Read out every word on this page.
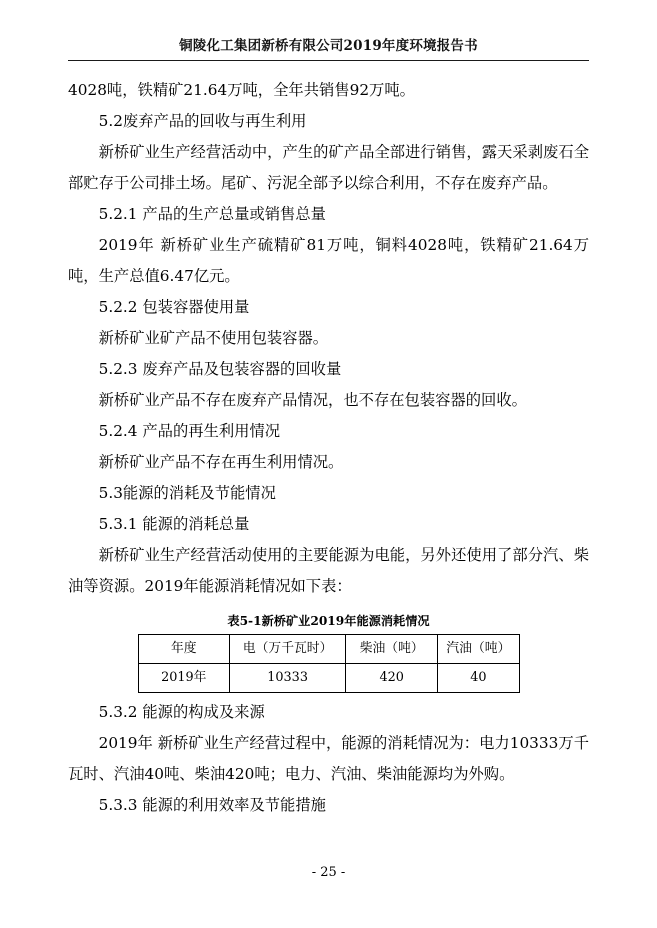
铜陵化工集团新桥有限公司2019年度环境报告书

4028吨，铁精矿21.64万吨，全年共销售92万吨。

5.2废弃产品的回收与再生利用

新桥矿业生产经营活动中，产生的矿产品全部进行销售，露天采剥废石全部贮存于公司排土场。尾矿、污泥全部予以综合利用，不存在废弃产品。

5.2.1 产品的生产总量或销售总量

2019年 新桥矿业生产硫精矿81万吨，铜料4028吨，铁精矿21.64万吨，生产总值6.47亿元。

5.2.2 包装容器使用量

新桥矿业矿产品不使用包装容器。

5.2.3 废弃产品及包装容器的回收量

新桥矿业产品不存在废弃产品情况，也不存在包装容器的回收。

5.2.4 产品的再生利用情况

新桥矿业产品不存在再生利用情况。

5.3能源的消耗及节能情况

5.3.1 能源的消耗总量

新桥矿业生产经营活动使用的主要能源为电能，另外还使用了部分汽、柴油等资源。2019年能源消耗情况如下表：

表5-1新桥矿业2019年能源消耗情况
年度	电（万千瓦时）	柴油（吨）	汽油（吨）
2019年	10333	420	40

5.3.2 能源的构成及来源

2019年 新桥矿业生产经营过程中，能源的消耗情况为：电力10333万千瓦时、汽油40吨、柴油420吨；电力、汽油、柴油能源均为外购。

5.3.3 能源的利用效率及节能措施

- 25 -
